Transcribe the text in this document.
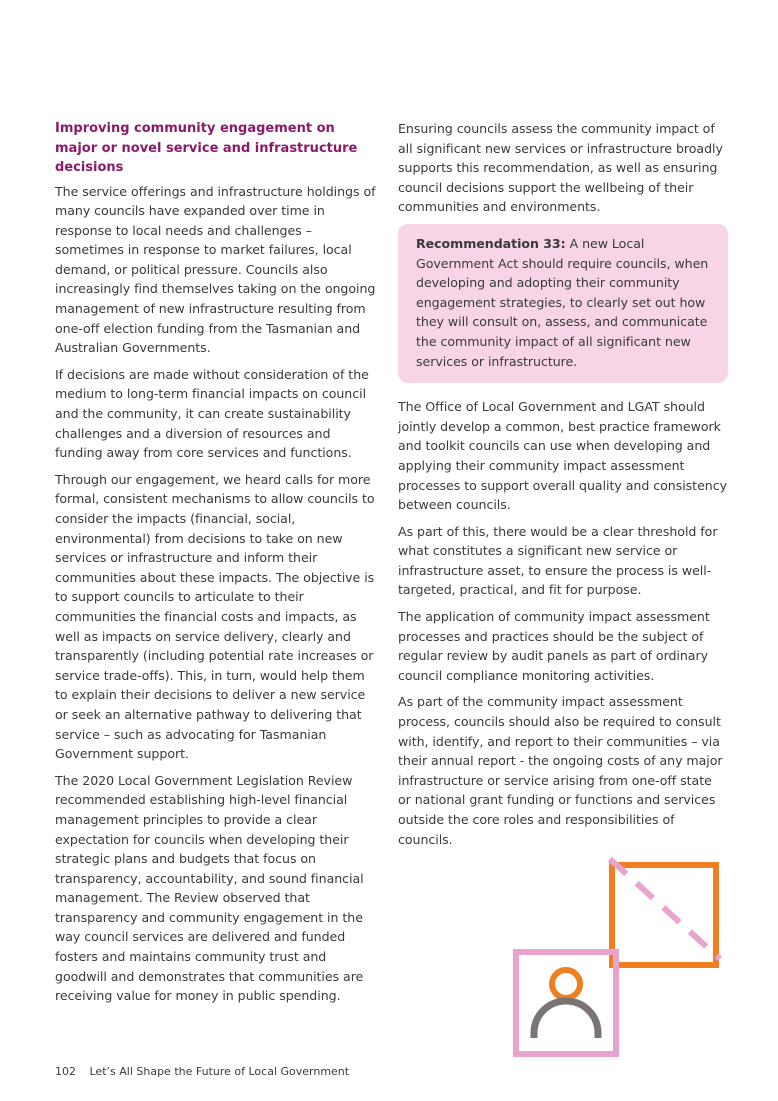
Improving community engagement on major or novel service and infrastructure decisions

The service offerings and infrastructure holdings of many councils have expanded over time in response to local needs and challenges – sometimes in response to market failures, local demand, or political pressure. Councils also increasingly find themselves taking on the ongoing management of new infrastructure resulting from one-off election funding from the Tasmanian and Australian Governments.

If decisions are made without consideration of the medium to long-term financial impacts on council and the community, it can create sustainability challenges and a diversion of resources and funding away from core services and functions.

Through our engagement, we heard calls for more formal, consistent mechanisms to allow councils to consider the impacts (financial, social, environmental) from decisions to take on new services or infrastructure and inform their communities about these impacts. The objective is to support councils to articulate to their communities the financial costs and impacts, as well as impacts on service delivery, clearly and transparently (including potential rate increases or service trade-offs). This, in turn, would help them to explain their decisions to deliver a new service or seek an alternative pathway to delivering that service – such as advocating for Tasmanian Government support.

The 2020 Local Government Legislation Review recommended establishing high-level financial management principles to provide a clear expectation for councils when developing their strategic plans and budgets that focus on transparency, accountability, and sound financial management. The Review observed that transparency and community engagement in the way council services are delivered and funded fosters and maintains community trust and goodwill and demonstrates that communities are receiving value for money in public spending.

Ensuring councils assess the community impact of all significant new services or infrastructure broadly supports this recommendation, as well as ensuring council decisions support the wellbeing of their communities and environments.

Recommendation 33: A new Local Government Act should require councils, when developing and adopting their community engagement strategies, to clearly set out how they will consult on, assess, and communicate the community impact of all significant new services or infrastructure.

The Office of Local Government and LGAT should jointly develop a common, best practice framework and toolkit councils can use when developing and applying their community impact assessment processes to support overall quality and consistency between councils.

As part of this, there would be a clear threshold for what constitutes a significant new service or infrastructure asset, to ensure the process is well-targeted, practical, and fit for purpose.

The application of community impact assessment processes and practices should be the subject of regular review by audit panels as part of ordinary council compliance monitoring activities.

As part of the community impact assessment process, councils should also be required to consult with, identify, and report to their communities – via their annual report - the ongoing costs of any major infrastructure or service arising from one-off state or national grant funding or functions and services outside the core roles and responsibilities of councils.

102 Let’s All Shape the Future of Local Government
